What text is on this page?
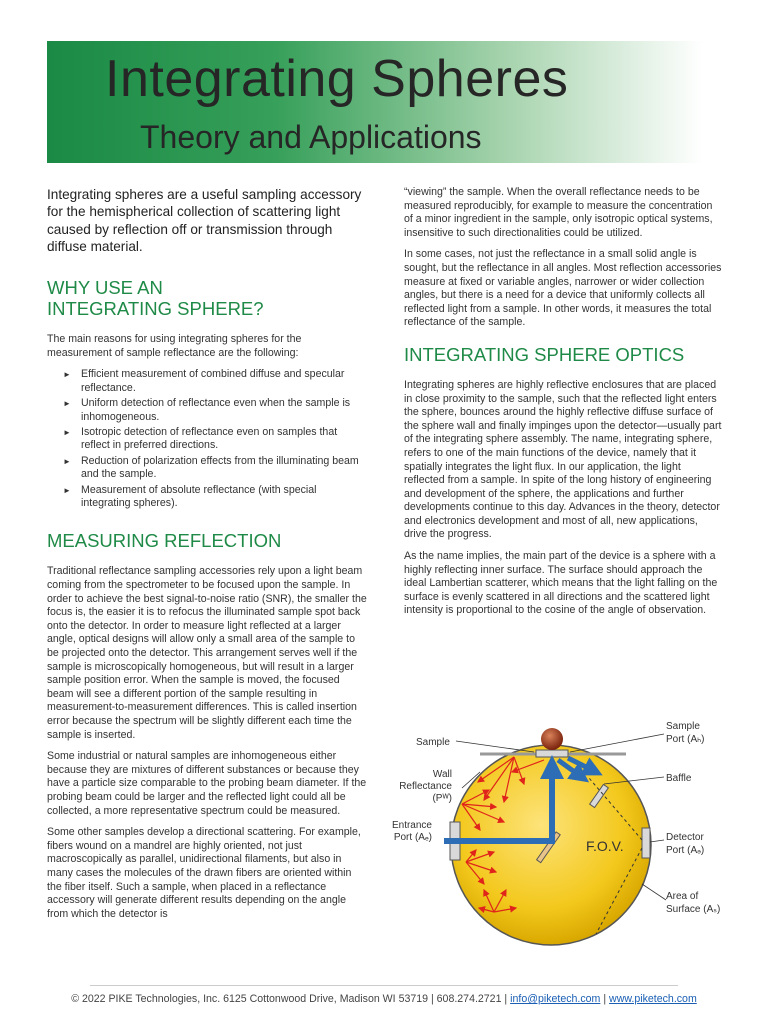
Integrating Spheres
Theory and Applications

Integrating spheres are a useful sampling accessory for the hemispherical collection of scattering light caused by reflection off or transmission through diffuse material.

WHY USE AN
INTEGRATING SPHERE?

The main reasons for using integrating spheres for the measurement of sample reflectance are the following:

► Efficient measurement of combined diffuse and specular reflectance.
► Uniform detection of reflectance even when the sample is inhomogeneous.
► Isotropic detection of reflectance even on samples that reflect in preferred directions.
► Reduction of polarization effects from the illuminating beam and the sample.
► Measurement of absolute reflectance (with special integrating spheres).
MEASURING REFLECTION

Traditional reflectance sampling accessories rely upon a light beam coming from the spectrometer to be focused upon the sample. In order to achieve the best signal-to-noise ratio (SNR), the smaller the focus is, the easier it is to refocus the illuminated sample spot back onto the detector. In order to measure light reflected at a larger angle, optical designs will allow only a small area of the sample to be projected onto the detector. This arrangement serves well if the sample is microscopically homogeneous, but will result in a larger sample position error. When the sample is moved, the focused beam will see a different portion of the sample resulting in measurement-to-measurement differences. This is called insertion error because the spectrum will be slightly different each time the sample is inserted.

Some industrial or natural samples are inhomogeneous either because they are mixtures of different substances or because they have a particle size comparable to the probing beam diameter. If the probing beam could be larger and the reflected light could all be collected, a more representative spectrum could be measured.

Some other samples develop a directional scattering. For example, fibers wound on a mandrel are highly oriented, not just macroscopically as parallel, unidirectional filaments, but also in many cases the molecules of the drawn fibers are oriented within the fiber itself. Such a sample, when placed in a reflectance accessory will generate different results depending on the angle from which the detector is

“viewing” the sample. When the overall reflectance needs to be measured reproducibly, for example to measure the concentration of a minor ingredient in the sample, only isotropic optical systems, insensitive to such directionalities could be utilized.

In some cases, not just the reflectance in a small solid angle is sought, but the reflectance in all angles. Most reflection accessories measure at fixed or variable angles, narrower or wider collection angles, but there is a need for a device that uniformly collects all reflected light from a sample. In other words, it measures the total reflectance of the sample.

INTEGRATING SPHERE OPTICS

Integrating spheres are highly reflective enclosures that are placed in close proximity to the sample, such that the reflected light enters the sphere, bounces around the highly reflective diffuse surface of the sphere wall and finally impinges upon the detector—usually part of the integrating sphere assembly. The name, integrating sphere, refers to one of the main functions of the device, namely that it spatially integrates the light flux. In our application, the light reflected from a sample. In spite of the long history of engineering and development of the sphere, the applications and further developments continue to this day. Advances in the theory, detector and electronics development and most of all, new applications, drive the progress.

As the name implies, the main part of the device is a sphere with a highly reflecting inner surface. The surface should approach the ideal Lambertian scatterer, which means that the light falling on the surface is evenly scattered in all directions and the scattered light intensity is proportional to the cosine of the angle of observation.

Sample
Sample
Port (Aₕ)
Wall
Reflectance
(Pᵂ)
Baffle
Entrance
Port (Aₑ)
F.O.V.
Detector
Port (Aₔ)
Area of
Surface (Aₛ)
© 2022 PIKE Technologies, Inc. 6125 Cottonwood Drive, Madison WI 53719 | 608.274.2721 | info@piketech.com | www.piketech.com
